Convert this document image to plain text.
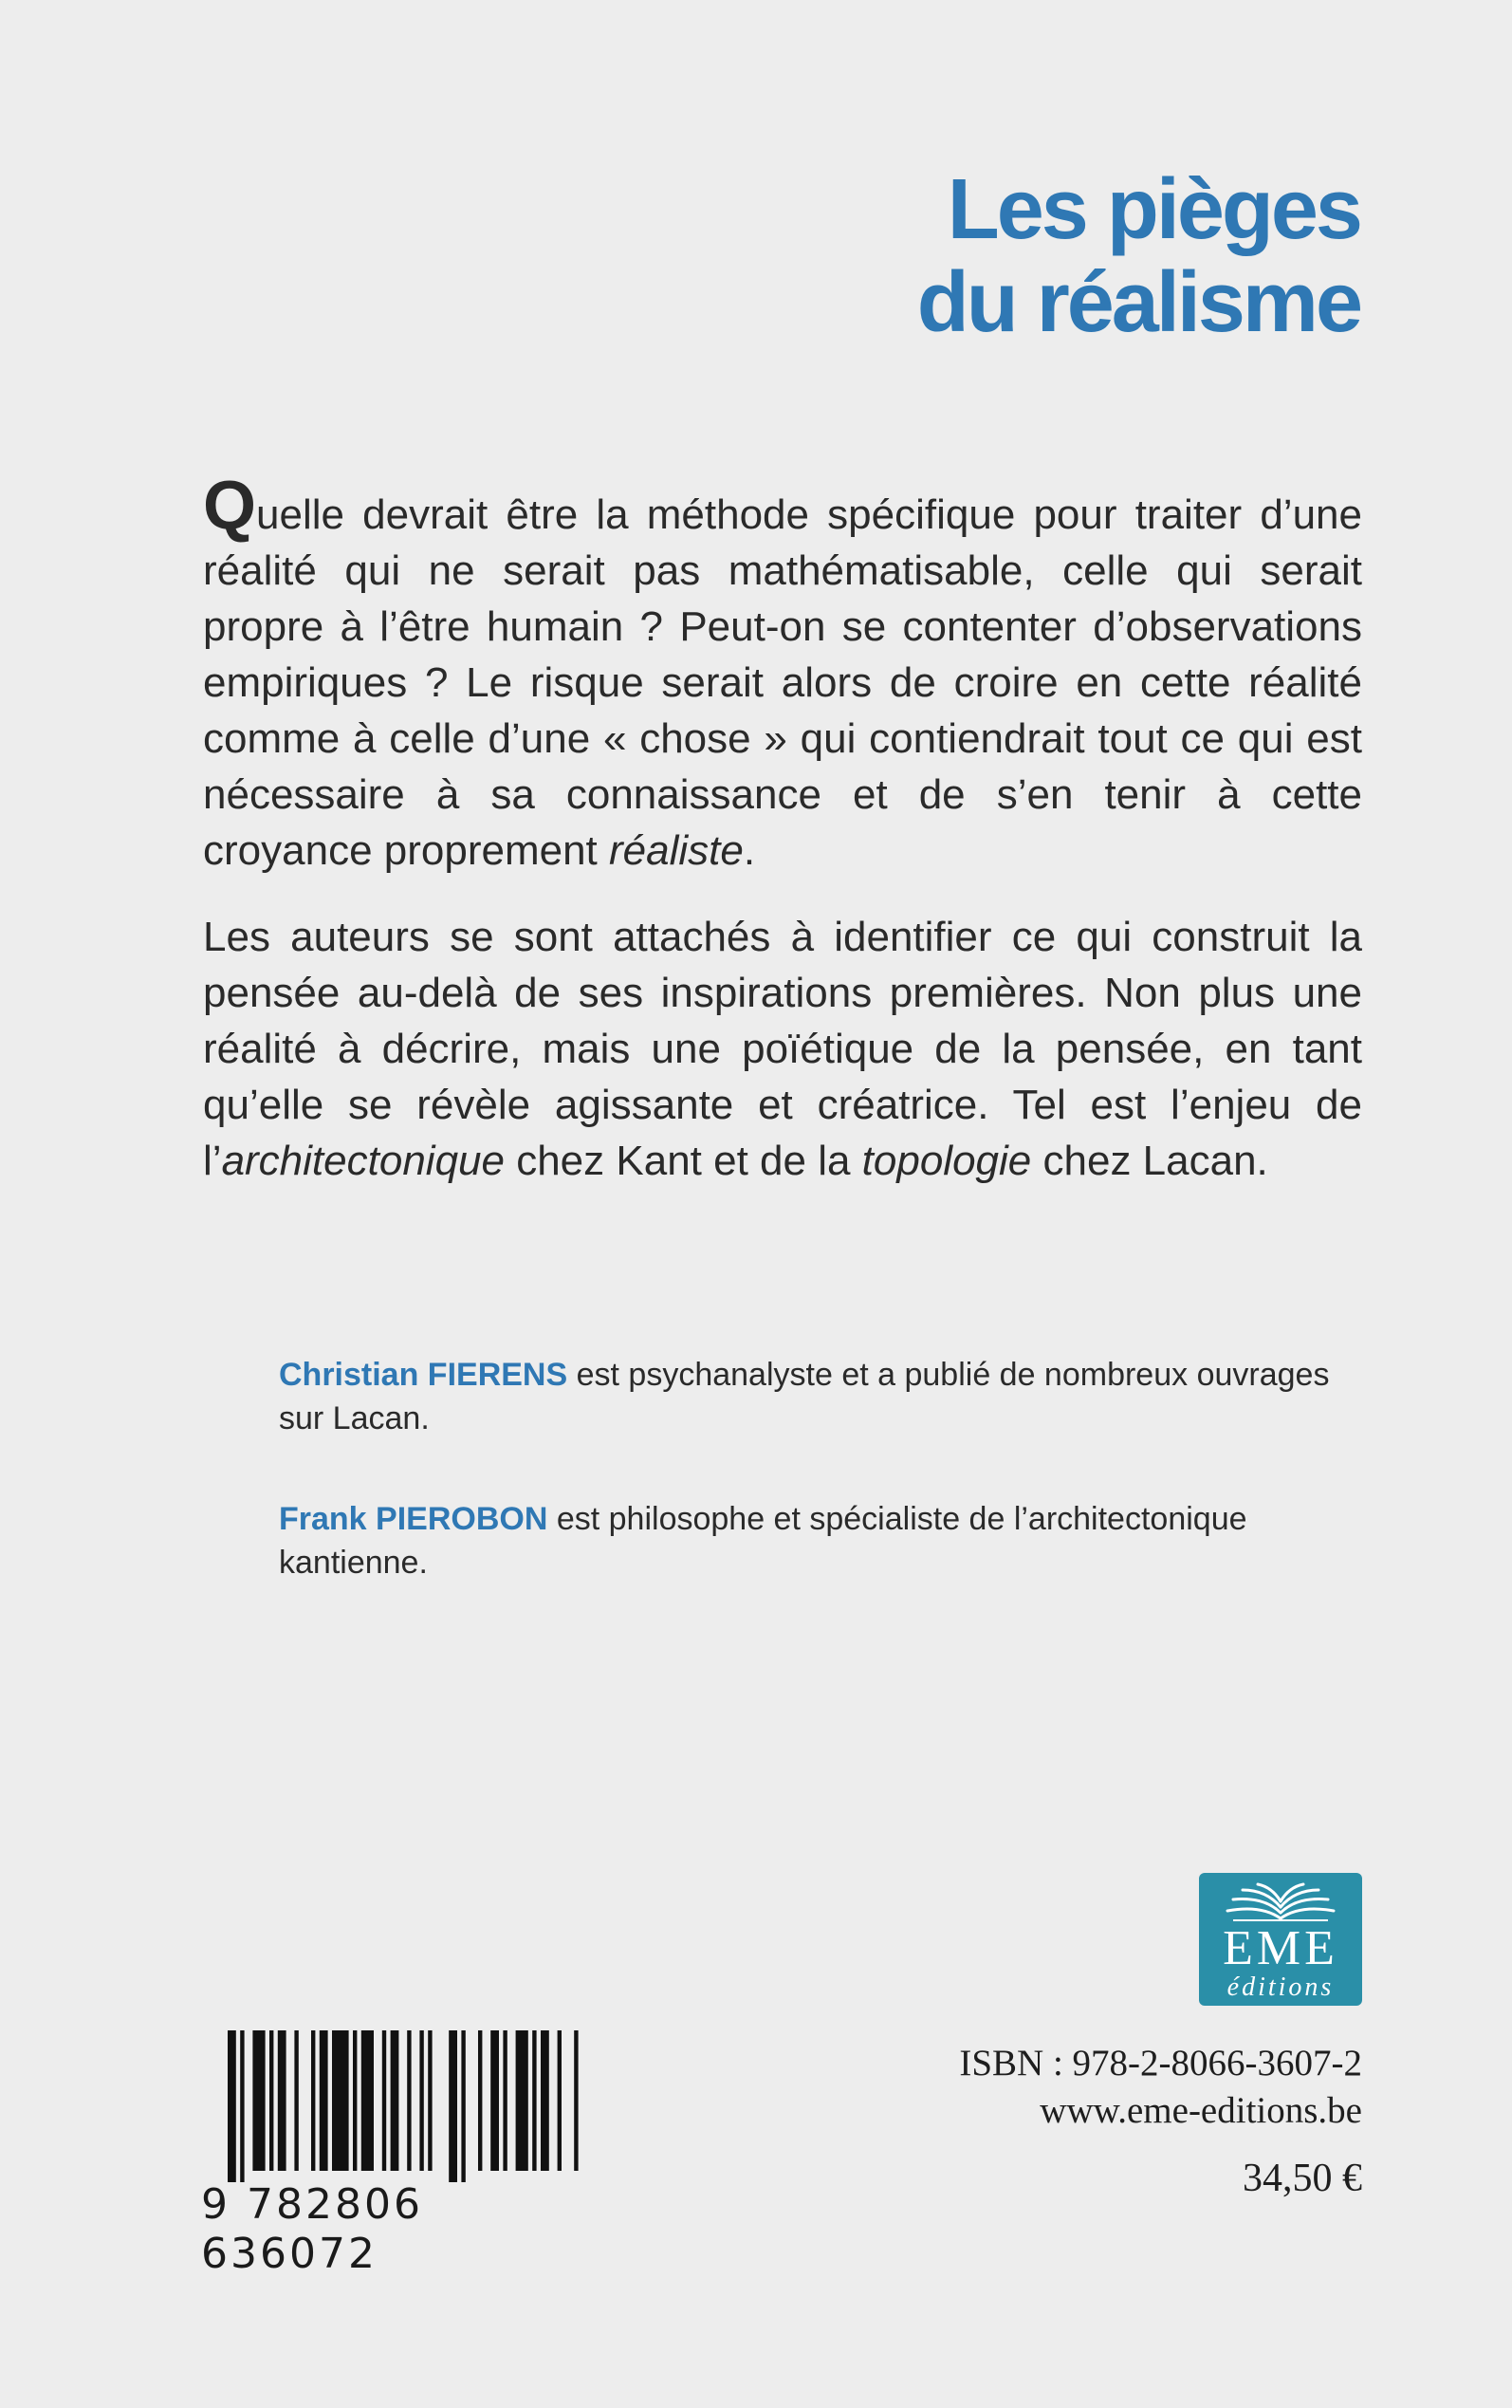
Les pièges
du réalisme

Quelle devrait être la méthode spécifique pour traiter d’une réalité qui ne serait pas mathématisable, celle qui serait propre à l’être humain ? Peut-on se contenter d’observations empiriques ? Le risque serait alors de croire en cette réalité comme à celle d’une « chose » qui contiendrait tout ce qui est nécessaire à sa connaissance et de s’en tenir à cette croyance proprement réaliste.

Les auteurs se sont attachés à identifier ce qui construit la pensée au-delà de ses inspirations premières. Non plus une réalité à décrire, mais une poïétique de la pensée, en tant qu’elle se révèle agissante et créatrice. Tel est l’enjeu de l’architectonique chez Kant et de la topologie chez Lacan.

Christian FIERENS est psychanalyste et a publié de nombreux ouvrages sur Lacan.
Frank PIEROBON est philosophe et spécialiste de l’architectonique kantienne.
EME
éditions
9 782806 636072
ISBN : 978-2-8066-3607-2
www.eme-editions.be
34,50 €
